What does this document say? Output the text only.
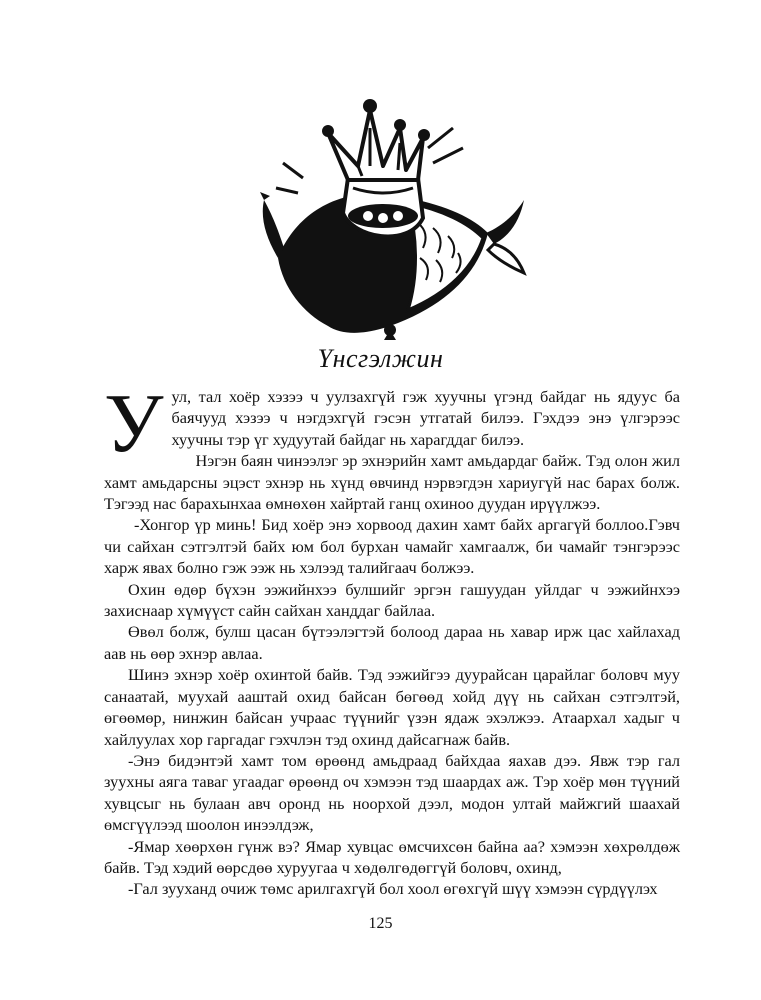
Үнсгэлжин

Уул, тал хоёр хэзээ ч уулзахгүй гэж хуучны үгэнд байдаг нь ядуус ба баячууд хэзээ ч нэгдэхгүй гэсэн утгатай билээ. Гэхдээ энэ үлгэрээс хуучны тэр үг худуутай байдаг нь харагддаг билээ.

Нэгэн баян чинээлэг эр эхнэрийн хамт амьдардаг байж. Тэд олон жил хамт амьдарсны эцэст эхнэр нь хүнд өвчинд нэрвэгдэн хариугүй нас барах болж. Тэгээд нас барахынхаа өмнөхөн хайртай ганц охиноо дуудан ирүүлжээ.

-Хонгор үр минь! Бид хоёр энэ хорвоод дахин хамт байх аргагүй боллоо.Гэвч чи сайхан сэтгэлтэй байх юм бол бурхан чамайг хамгаалж, би чамайг тэнгэрээс харж явах болно гэж ээж нь хэлээд талийгаач болжээ.

Охин өдөр бүхэн ээжийнхээ булшийг эргэн гашуудан уйлдаг ч ээжийнхээ захиснаар хүмүүст сайн сайхан ханддаг байлаа.

Өвөл болж, булш цасан бүтээлэгтэй болоод дараа нь хавар ирж цас хайлахад аав нь өөр эхнэр авлаа.

Шинэ эхнэр хоёр охинтой байв. Тэд ээжийгээ дуурайсан царайлаг боловч муу санаатай, муухай ааштай охид байсан бөгөөд хойд дүү нь сайхан сэтгэлтэй, өгөөмөр, нинжин байсан учраас түүнийг үзэн ядаж эхэлжээ. Атаархал хадыг ч хайлуулах хор гаргадаг гэхчлэн тэд охинд дайсагнаж байв.

-Энэ бидэнтэй хамт том өрөөнд амьдраад байхдаа яахав дээ. Явж тэр гал зуухны аяга таваг угаадаг өрөөнд оч хэмээн тэд шаардах аж. Тэр хоёр мөн түүний хувцсыг нь булаан авч оронд нь ноорхой дээл, модон ултай майжгий шаахай өмсгүүлээд шоолон инээлдэж,

-Ямар хөөрхөн гүнж вэ? Ямар хувцас өмсчихсөн байна аа? хэмээн хөхрөлдөж байв. Тэд хэдий өөрсдөө хуруугаа ч хөдөлгөдөггүй боловч, охинд,

-Гал зууханд очиж төмс арилгахгүй бол хоол өгөхгүй шүү хэмээн сүрдүүлэх

125
